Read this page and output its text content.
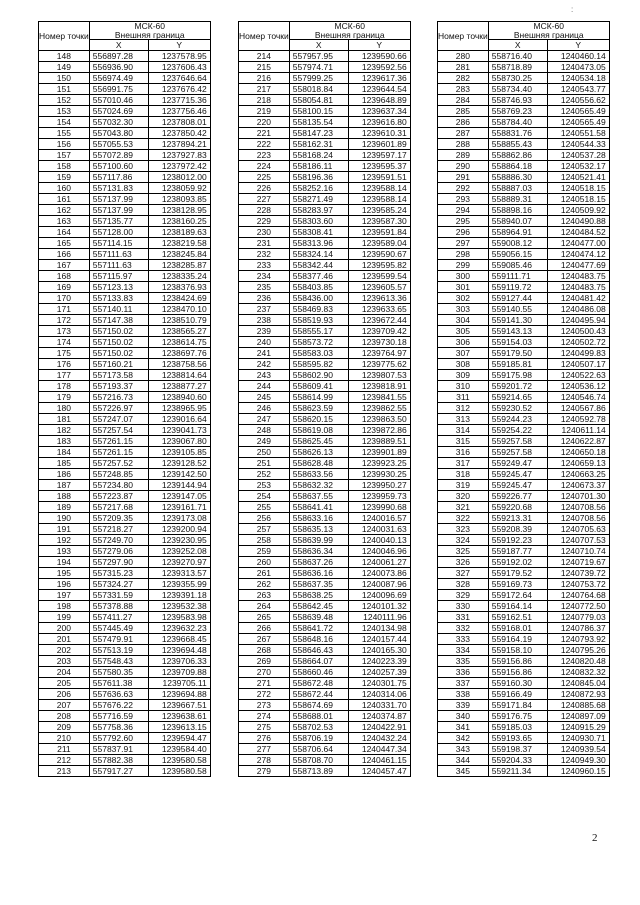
:
Номер точки	МСК-60
Внешняя граница	
	X	Y
148	556897.28	1237578.95
149	556936.90	1237606.43
150	556974.49	1237646.64
151	556991.75	1237676.42
152	557010.46	1237715.36
153	557024.69	1237756.46
154	557032.30	1237808.01
155	557043.80	1237850.42
156	557055.53	1237894.21
157	557072.89	1237927.83
158	557100.60	1237972.42
159	557117.86	1238012.00
160	557131.83	1238059.92
161	557137.99	1238093.85
162	557137.99	1238128.95
163	557135.77	1238160.25
164	557128.00	1238189.63
165	557114.15	1238219.58
166	557111.63	1238245.84
167	557111.63	1238285.87
168	557115.97	1238335.24
169	557123.13	1238376.93
170	557133.83	1238424.69
171	557140.11	1238470.10
172	557147.38	1238510.79
173	557150.02	1238565.27
174	557150.02	1238614.75
175	557150.02	1238697.76
176	557160.21	1238758.56
177	557173.58	1238814.64
178	557193.37	1238877.27
179	557216.73	1238940.60
180	557226.97	1238965.95
181	557247.07	1239016.64
182	557257.54	1239041.73
183	557261.15	1239067.80
184	557261.15	1239105.85
185	557257.52	1239128.52
186	557248.85	1239142.50
187	557234.80	1239144.94
188	557223.87	1239147.05
189	557217.68	1239161.71
190	557209.35	1239173.08
191	557218.27	1239200.94
192	557249.70	1239230.95
193	557279.06	1239252.08
194	557297.90	1239270.97
195	557315.23	1239313.57
196	557324.27	1239355.99
197	557331.59	1239391.18
198	557378.88	1239532.38
199	557411.27	1239583.98
200	557445.49	1239632.23
201	557479.91	1239668.45
202	557513.19	1239694.48
203	557548.43	1239706.33
204	557580.35	1239709.88
205	557611.38	1239705.11
206	557636.63	1239694.88
207	557676.22	1239667.51
208	557716.59	1239638.61
209	557758.36	1239613.15
210	557792.60	1239594.47
211	557837.91	1239584.40
212	557882.38	1239580.58
213	557917.27	1239580.58
Номер точки	МСК-60
Внешняя граница	
	X	Y
214	557957.95	1239590.66
215	557974.71	1239592.56
216	557999.25	1239617.36
217	558018.84	1239644.54
218	558054.81	1239648.89
219	558100.15	1239637.34
220	558135.54	1239616.80
221	558147.23	1239610.31
222	558162.31	1239601.89
223	558168.24	1239597.17
224	558186.11	1239595.37
225	558196.36	1239591.51
226	558252.16	1239588.14
227	558271.49	1239588.14
228	558283.97	1239585.24
229	558303.60	1239587.30
230	558308.41	1239591.84
231	558313.96	1239589.04
232	558324.14	1239590.67
233	558342.44	1239595.82
234	558377.46	1239599.54
235	558403.85	1239605.57
236	558436.00	1239613.36
237	558469.83	1239633.65
238	558519.93	1239672.44
239	558555.17	1239709.42
240	558573.72	1239730.18
241	558583.03	1239764.97
242	558595.82	1239775.62
243	558602.90	1239807.53
244	558609.41	1239818.91
245	558614.99	1239841.55
246	558623.59	1239862.55
247	558620.15	1239863.50
248	558619.08	1239872.86
249	558625.45	1239889.51
250	558626.13	1239901.89
251	558628.48	1239923.25
252	558633.56	1239930.25
253	558632.32	1239950.27
254	558637.55	1239959.73
255	558641.41	1239990.68
256	558633.16	1240016.57
257	558635.13	1240031.63
258	558639.99	1240040.13
259	558636.34	1240046.96
260	558637.26	1240061.27
261	558636.16	1240073.86
262	558637.35	1240087.96
263	558638.25	1240096.69
264	558642.45	1240101.32
265	558639.48	1240111.96
266	558641.72	1240134.98
267	558648.16	1240157.44
268	558646.43	1240165.30
269	558664.07	1240223.39
270	558660.46	1240257.39
271	558672.48	1240301.75
272	558672.44	1240314.06
273	558674.69	1240331.70
274	558688.01	1240374.87
275	558702.53	1240422.91
276	558706.19	1240432.24
277	558706.64	1240447.34
278	558708.70	1240461.15
279	558713.89	1240457.47
Номер точки	МСК-60
Внешняя граница	
	X	Y
280	558716.40	1240460.14
281	558718.89	1240473.05
282	558730.25	1240534.18
283	558734.40	1240543.77
284	558746.93	1240556.62
285	558769.23	1240565.49
286	558784.40	1240565.49
287	558831.76	1240551.58
288	558855.43	1240544.33
289	558862.86	1240537.28
290	558864.18	1240532.17
291	558886.30	1240521.41
292	558887.03	1240518.15
293	558889.31	1240518.15
294	558898.16	1240509.92
295	558940.07	1240490.88
296	558964.91	1240484.52
297	559008.12	1240477.00
298	559056.15	1240474.12
299	559085.46	1240477.69
300	559111.71	1240483.75
301	559119.72	1240483.75
302	559127.44	1240481.42
303	559140.55	1240486.08
304	559141.30	1240495.94
305	559143.13	1240500.43
306	559154.03	1240502.72
307	559179.50	1240499.83
308	559185.81	1240507.17
309	559175.98	1240522.63
310	559201.72	1240536.12
311	559214.65	1240546.74
312	559230.52	1240567.86
313	559244.23	1240592.78
314	559254.22	1240611.14
315	559257.58	1240622.87
316	559257.58	1240650.18
317	559249.47	1240659.13
318	559245.47	1240663.25
319	559245.47	1240673.37
320	559226.77	1240701.30
321	559220.68	1240708.56
322	559213.31	1240708.56
323	559208.39	1240705.63
324	559192.23	1240707.53
325	559187.77	1240710.74
326	559192.02	1240719.67
327	559179.52	1240739.72
328	559169.73	1240753.72
329	559172.64	1240764.68
330	559164.14	1240772.50
331	559162.51	1240779.03
332	559168.01	1240786.37
333	559164.19	1240793.92
334	559158.10	1240795.26
335	559156.86	1240820.48
336	559156.86	1240832.32
337	559160.30	1240845.04
338	559166.49	1240872.93
339	559171.84	1240885.68
340	559176.75	1240897.09
341	559185.03	1240915.29
342	559193.65	1240930.71
343	559198.37	1240939.54
344	559204.33	1240949.30
345	559211.34	1240960.15
2
